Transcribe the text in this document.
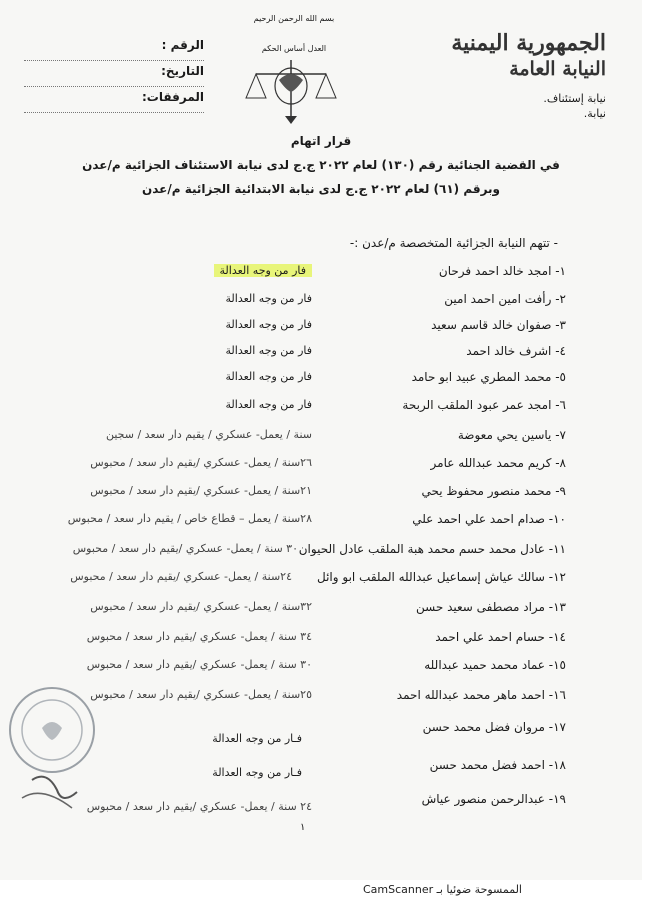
الجمهورية اليمنية
النيابة العامة
نيابة إستئناف.
نيابة.
بسم الله الرحمن الرحيم
العدل أساس الحكم
الرقم :
التاريخ:
المرفقات:
قرار اتهام
في القضية الجنائية رقم (١٣٠) لعام ٢٠٢٢ ج.ج لدى نيابة الاستئناف الجزائية م/عدن
وبرقم (٦١) لعام ٢٠٢٢ ج.ج لدى نيابة الابتدائية الجزائية م/عدن
- تتهم النيابة الجزائية المتخصصة م/عدن :-
١- امجد خالد احمد فرحان
فار من وجه العدالة
٢- رأفت امين احمد امين
فار من وجه العدالة
٣- صفوان خالد قاسم سعيد
فار من وجه العدالة
٤- اشرف خالد احمد
فار من وجه العدالة
٥- محمد المطري عبيد ابو حامد
فار من وجه العدالة
٦- امجد عمر عبود الملقب الربحة
فار من وجه العدالة
٧- ياسين يحي معوضة
سنة / يعمل- عسكري / يقيم دار سعد / سجين
٨- كريم محمد عبدالله عامر
٢٦سنة / يعمل- عسكري /يقيم دار سعد / محبوس
٩- محمد منصور محفوظ يحي
٢١سنة / يعمل- عسكري /يقيم دار سعد / محبوس
١٠- صدام احمد علي احمد علي
٢٨سنة / يعمل – قطاع خاص / يقيم دار سعد / محبوس
١١- عادل محمد حسم محمد هبة الملقب عادل الحيوان
٣٠ سنة / يعمل- عسكري /يقيم دار سعد / محبوس
١٢- سالك عياش إسماعيل عبدالله الملقب ابو وائل
٢٤سنة / يعمل- عسكري /يقيم دار سعد / محبوس
١٣- مراد مصطفى سعيد حسن
٣٢سنة / يعمل- عسكري /يقيم دار سعد / محبوس
١٤- حسام احمد علي احمد
٣٤ سنة / يعمل- عسكري /يقيم دار سعد / محبوس
١٥- عماد محمد حميد عبدالله
٣٠ سنة / يعمل- عسكري /يقيم دار سعد / محبوس
١٦- احمد ماهر محمد عبدالله احمد
٢٥سنة / يعمل- عسكري /يقيم دار سعد / محبوس
١٧- مروان فضل محمد حسن
فـار من وجه العدالة
١٨- احمد فضل محمد حسن
فـار من وجه العدالة
١٩- عبدالرحمن منصور عياش
٢٤ سنة / يعمل- عسكري /يقيم دار سعد / محبوس
١
الممسوحة ضوئيا بـ CamScanner
